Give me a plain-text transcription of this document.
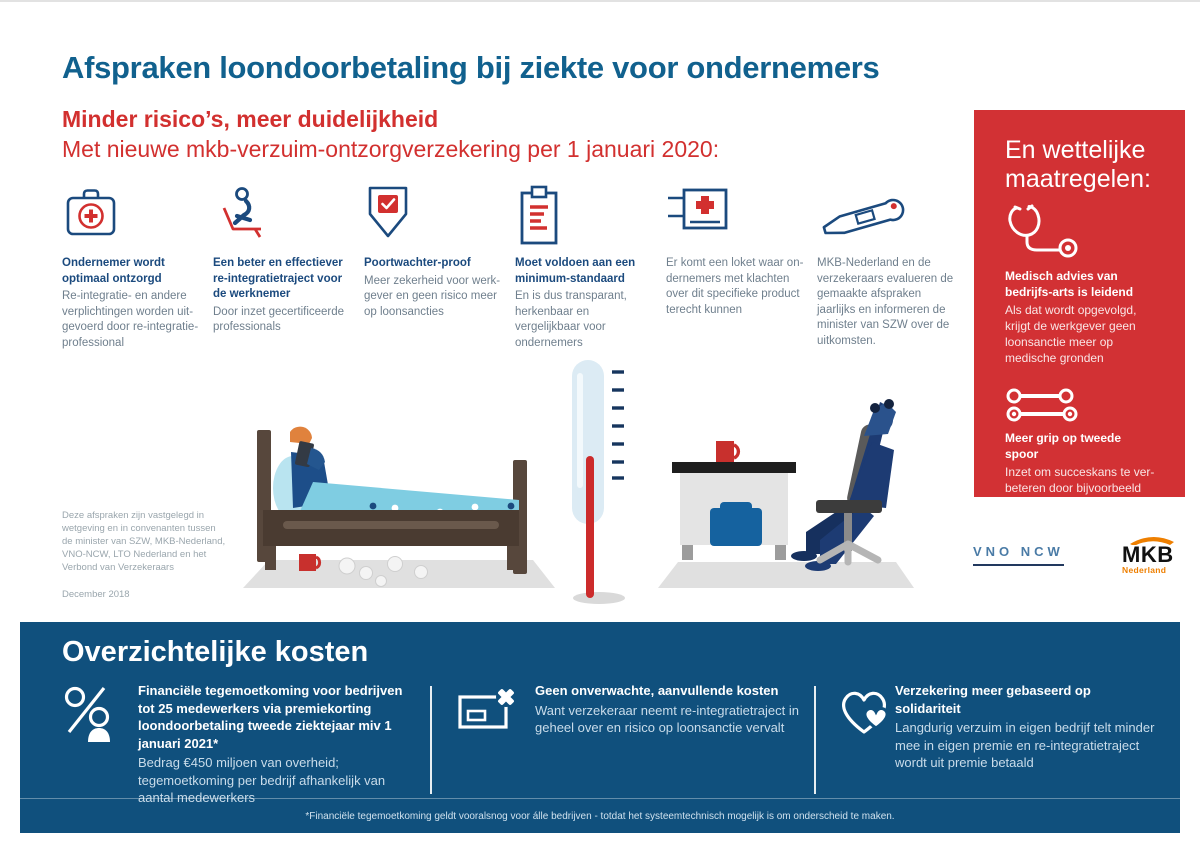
Afspraken loondoorbetaling bij ziekte voor ondernemers
Minder risico’s, meer duidelijkheid
Met nieuwe mkb-verzuim-ontzorgverzekering per 1 januari 2020:
Ondernemer wordt optimaal ontzorgd
Re-integratie- en andere verplichtingen worden uit-gevoerd door re-integratie-professional
Een beter en effectiever re-integratietraject voor de werknemer
Door inzet gecertificeerde professionals
Poortwachter-proof
Meer zekerheid voor werk-gever en geen risico meer op loonsancties
Moet voldoen aan een minimum-standaard
En is dus transparant, herkenbaar en vergelijkbaar voor ondernemers
Er komt een loket waar on-dernemers met klachten over dit specifieke product terecht kunnen
MKB-Nederland en de verzekeraars evalueren de gemaakte afspraken jaarlijks en informeren de minister van SZW over de uitkomsten.
En wettelijke maatregelen:
Medisch advies van bedrijfs-arts is leidend
Als dat wordt opgevolgd, krijgt de werkgever geen loonsanctie meer op medische gronden
Meer grip op tweede spoor
Inzet om succeskans te ver-beteren door bijvoorbeeld ex-perimenten met no-riskpolis
Deze afspraken zijn vastgelegd in wetgeving en in convenanten tussen de minister van SZW, MKB-Nederland, VNO-NCW, LTO Nederland en het Verbond van Verzekeraars
December 2018
VNO NCW	MKB
Nederland
Overzichtelijke kosten
Financiële tegemoetkoming voor bedrijven tot 25 medewerkers via premiekorting loondoorbetaling tweede ziektejaar miv 1 januari 2021*
Bedrag €450 miljoen van overheid; tegemoetkoming per bedrijf afhankelijk van aantal medewerkers
Geen onverwachte, aanvullende kosten
Want verzekeraar neemt re-integratietraject in geheel over en risico op loonsanctie vervalt
Verzekering meer gebaseerd op solidariteit
Langdurig verzuim in eigen bedrijf telt minder mee in eigen premie en re-integratietraject wordt uit premie betaald
*Financiële tegemoetkoming geldt vooralsnog voor álle bedrijven - totdat het systeemtechnisch mogelijk is om onderscheid te maken.
